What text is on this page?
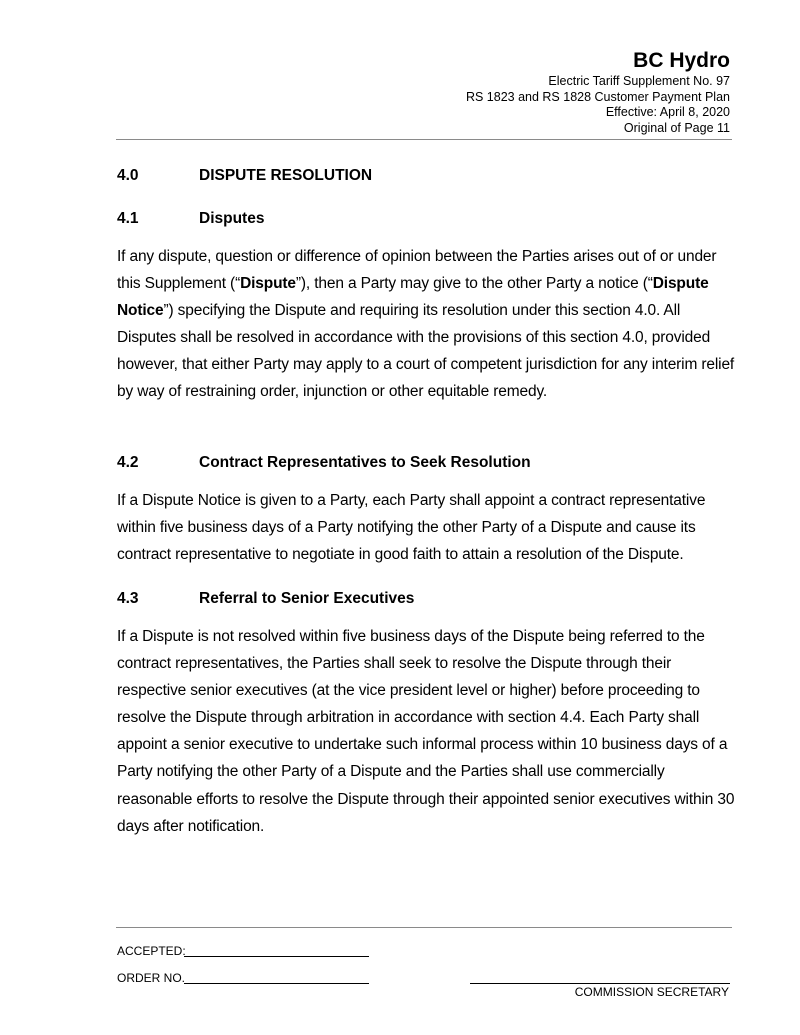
BC Hydro
Electric Tariff Supplement No. 97
RS 1823 and RS 1828 Customer Payment Plan
Effective: April 8, 2020
Original of Page 11
4.0	DISPUTE RESOLUTION
4.1	Disputes
If any dispute, question or difference of opinion between the Parties arises out of or under this Supplement (“Dispute”), then a Party may give to the other Party a notice (“Dispute Notice”) specifying the Dispute and requiring its resolution under this section 4.0. All Disputes shall be resolved in accordance with the provisions of this section 4.0, provided however, that either Party may apply to a court of competent jurisdiction for any interim relief by way of restraining order, injunction or other equitable remedy.
4.2	Contract Representatives to Seek Resolution
If a Dispute Notice is given to a Party, each Party shall appoint a contract representative within five business days of a Party notifying the other Party of a Dispute and cause its contract representative to negotiate in good faith to attain a resolution of the Dispute.
4.3	Referral to Senior Executives
If a Dispute is not resolved within five business days of the Dispute being referred to the contract representatives, the Parties shall seek to resolve the Dispute through their respective senior executives (at the vice president level or higher) before proceeding to resolve the Dispute through arbitration in accordance with section 4.4. Each Party shall appoint a senior executive to undertake such informal process within 10 business days of a Party notifying the other Party of a Dispute and the Parties shall use commercially reasonable efforts to resolve the Dispute through their appointed senior executives within 30 days after notification.
ACCEPTED:
ORDER NO.
COMMISSION SECRETARY
